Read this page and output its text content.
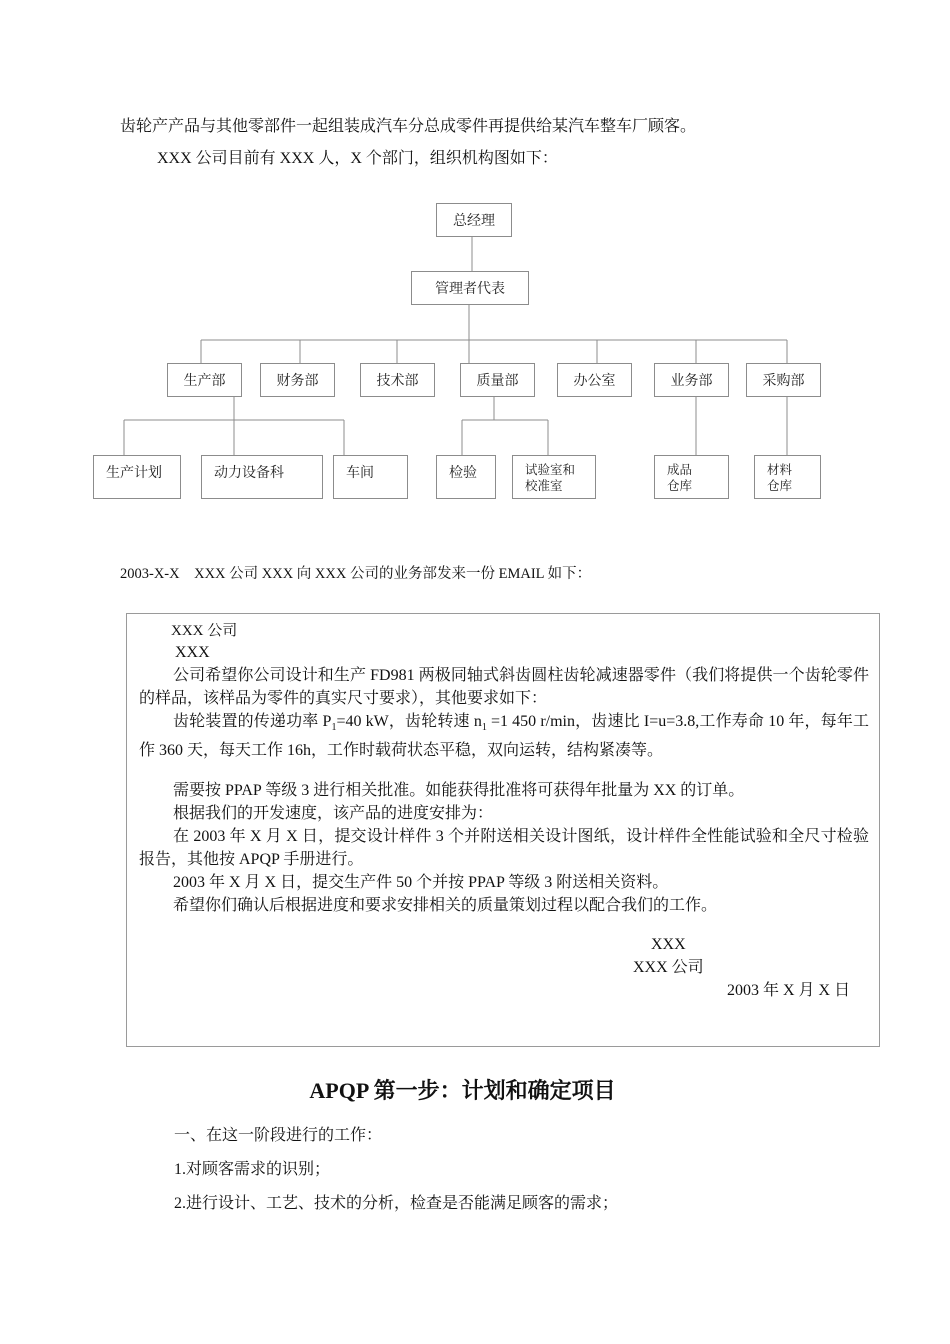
齿轮产产品与其他零部件一起组装成汽车分总成零件再提供给某汽车整车厂顾客。

XXX 公司目前有 XXX 人，X 个部门，组织机构图如下：

总经理
管理者代表
生产部	财务部	技术部	质量部	办公室	业务部	采购部
生产计划	动力设备科	车间	检验	试验室和
校准室
成品
仓库
材料
仓库

2003-X-X　XXX 公司 XXX 向 XXX 公司的业务部发来一份 EMAIL 如下：

XXX 公司

XXX

公司希望你公司设计和生产 FD981 两极同轴式斜齿圆柱齿轮减速器零件（我们将提供一个齿轮零件的样品，该样品为零件的真实尺寸要求），其他要求如下：

齿轮装置的传递功率 $P_1=40$ kW，齿轮转速 $n_1 =1$ 450 r/min，齿速比 I=u=3.8,工作寿命 10 年，每年工作 360 天，每天工作 16h，工作时载荷状态平稳，双向运转，结构紧凑等。

需要按 PPAP 等级 3 进行相关批准。如能获得批准将可获得年批量为 XX 的订单。

根据我们的开发速度，该产品的进度安排为：

在 2003 年 X 月 X 日，提交设计样件 3 个并附送相关设计图纸，设计样件全性能试验和全尺寸检验报告，其他按 APQP 手册进行。

2003 年 X 月 X 日，提交生产件 50 个并按 PPAP 等级 3 附送相关资料。

希望你们确认后根据进度和要求安排相关的质量策划过程以配合我们的工作。

XXX

XXX 公司

2003 年 X 月 X 日

APQP 第一步：计划和确定项目

一、在这一阶段进行的工作：

1.对顾客需求的识别；

2.进行设计、工艺、技术的分析，检查是否能满足顾客的需求；
